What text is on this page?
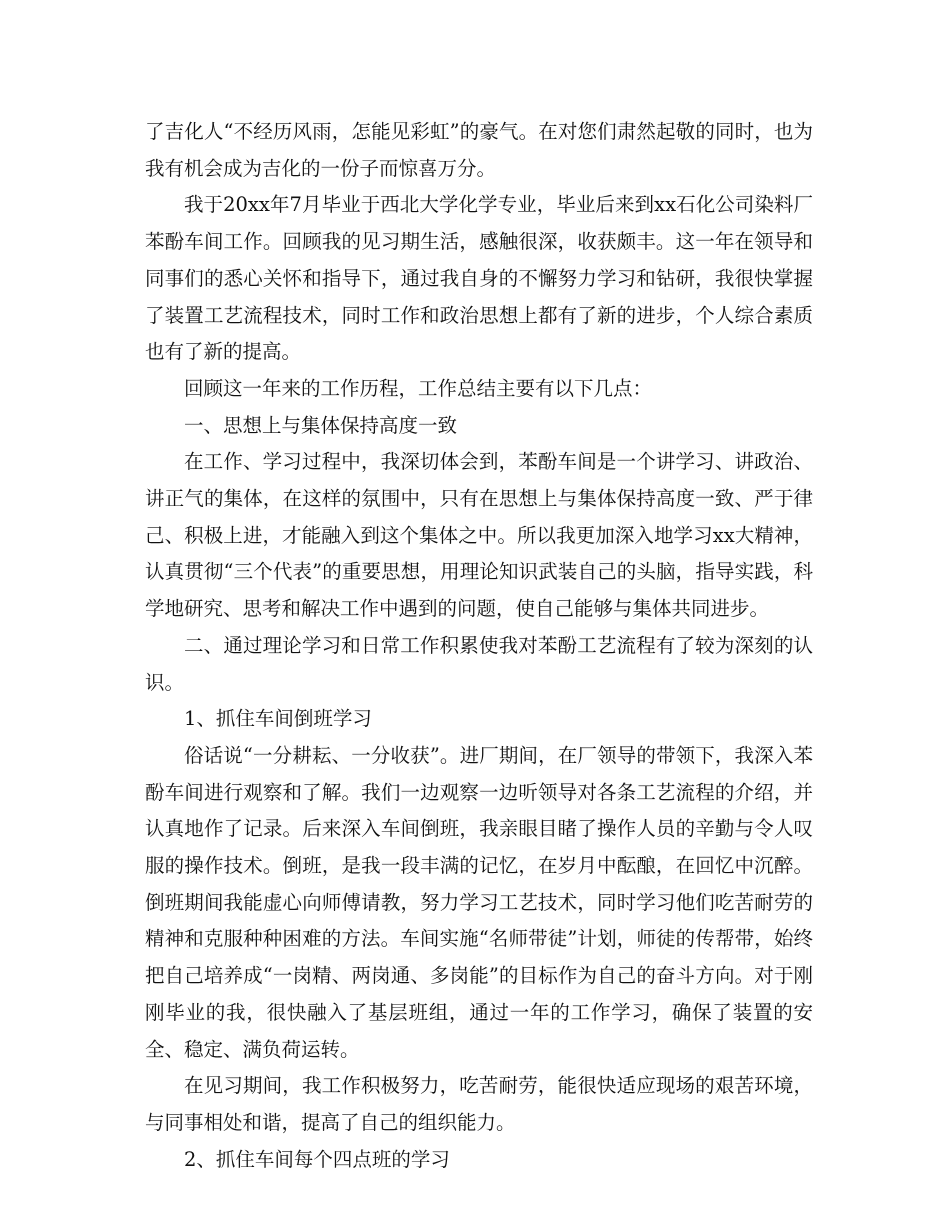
了吉化人“不经历风雨，怎能见彩虹”的豪气。在对您们肃然起敬的同时，也为我有机会成为吉化的一份子而惊喜万分。

我于20xx年7月毕业于西北大学化学专业，毕业后来到xx石化公司染料厂苯酚车间工作。回顾我的见习期生活，感触很深，收获颇丰。这一年在领导和同事们的悉心关怀和指导下，通过我自身的不懈努力学习和钻研，我很快掌握了装置工艺流程技术，同时工作和政治思想上都有了新的进步，个人综合素质也有了新的提高。

回顾这一年来的工作历程，工作总结主要有以下几点：

一、思想上与集体保持高度一致

在工作、学习过程中，我深切体会到，苯酚车间是一个讲学习、讲政治、讲正气的集体，在这样的氛围中，只有在思想上与集体保持高度一致、严于律己、积极上进，才能融入到这个集体之中。所以我更加深入地学习xx大精神，认真贯彻“三个代表”的重要思想，用理论知识武装自己的头脑，指导实践，科学地研究、思考和解决工作中遇到的问题，使自己能够与集体共同进步。

二、通过理论学习和日常工作积累使我对苯酚工艺流程有了较为深刻的认识。

1、抓住车间倒班学习

俗话说“一分耕耘、一分收获”。进厂期间，在厂领导的带领下，我深入苯酚车间进行观察和了解。我们一边观察一边听领导对各条工艺流程的介绍，并认真地作了记录。后来深入车间倒班，我亲眼目睹了操作人员的辛勤与令人叹服的操作技术。倒班，是我一段丰满的记忆，在岁月中酝酿，在回忆中沉醉。倒班期间我能虚心向师傅请教，努力学习工艺技术，同时学习他们吃苦耐劳的精神和克服种种困难的方法。车间实施“名师带徒”计划，师徒的传帮带，始终把自己培养成“一岗精、两岗通、多岗能”的目标作为自己的奋斗方向。对于刚刚毕业的我，很快融入了基层班组，通过一年的工作学习，确保了装置的安全、稳定、满负荷运转。

在见习期间，我工作积极努力，吃苦耐劳，能很快适应现场的艰苦环境，与同事相处和谐，提高了自己的组织能力。

2、抓住车间每个四点班的学习
